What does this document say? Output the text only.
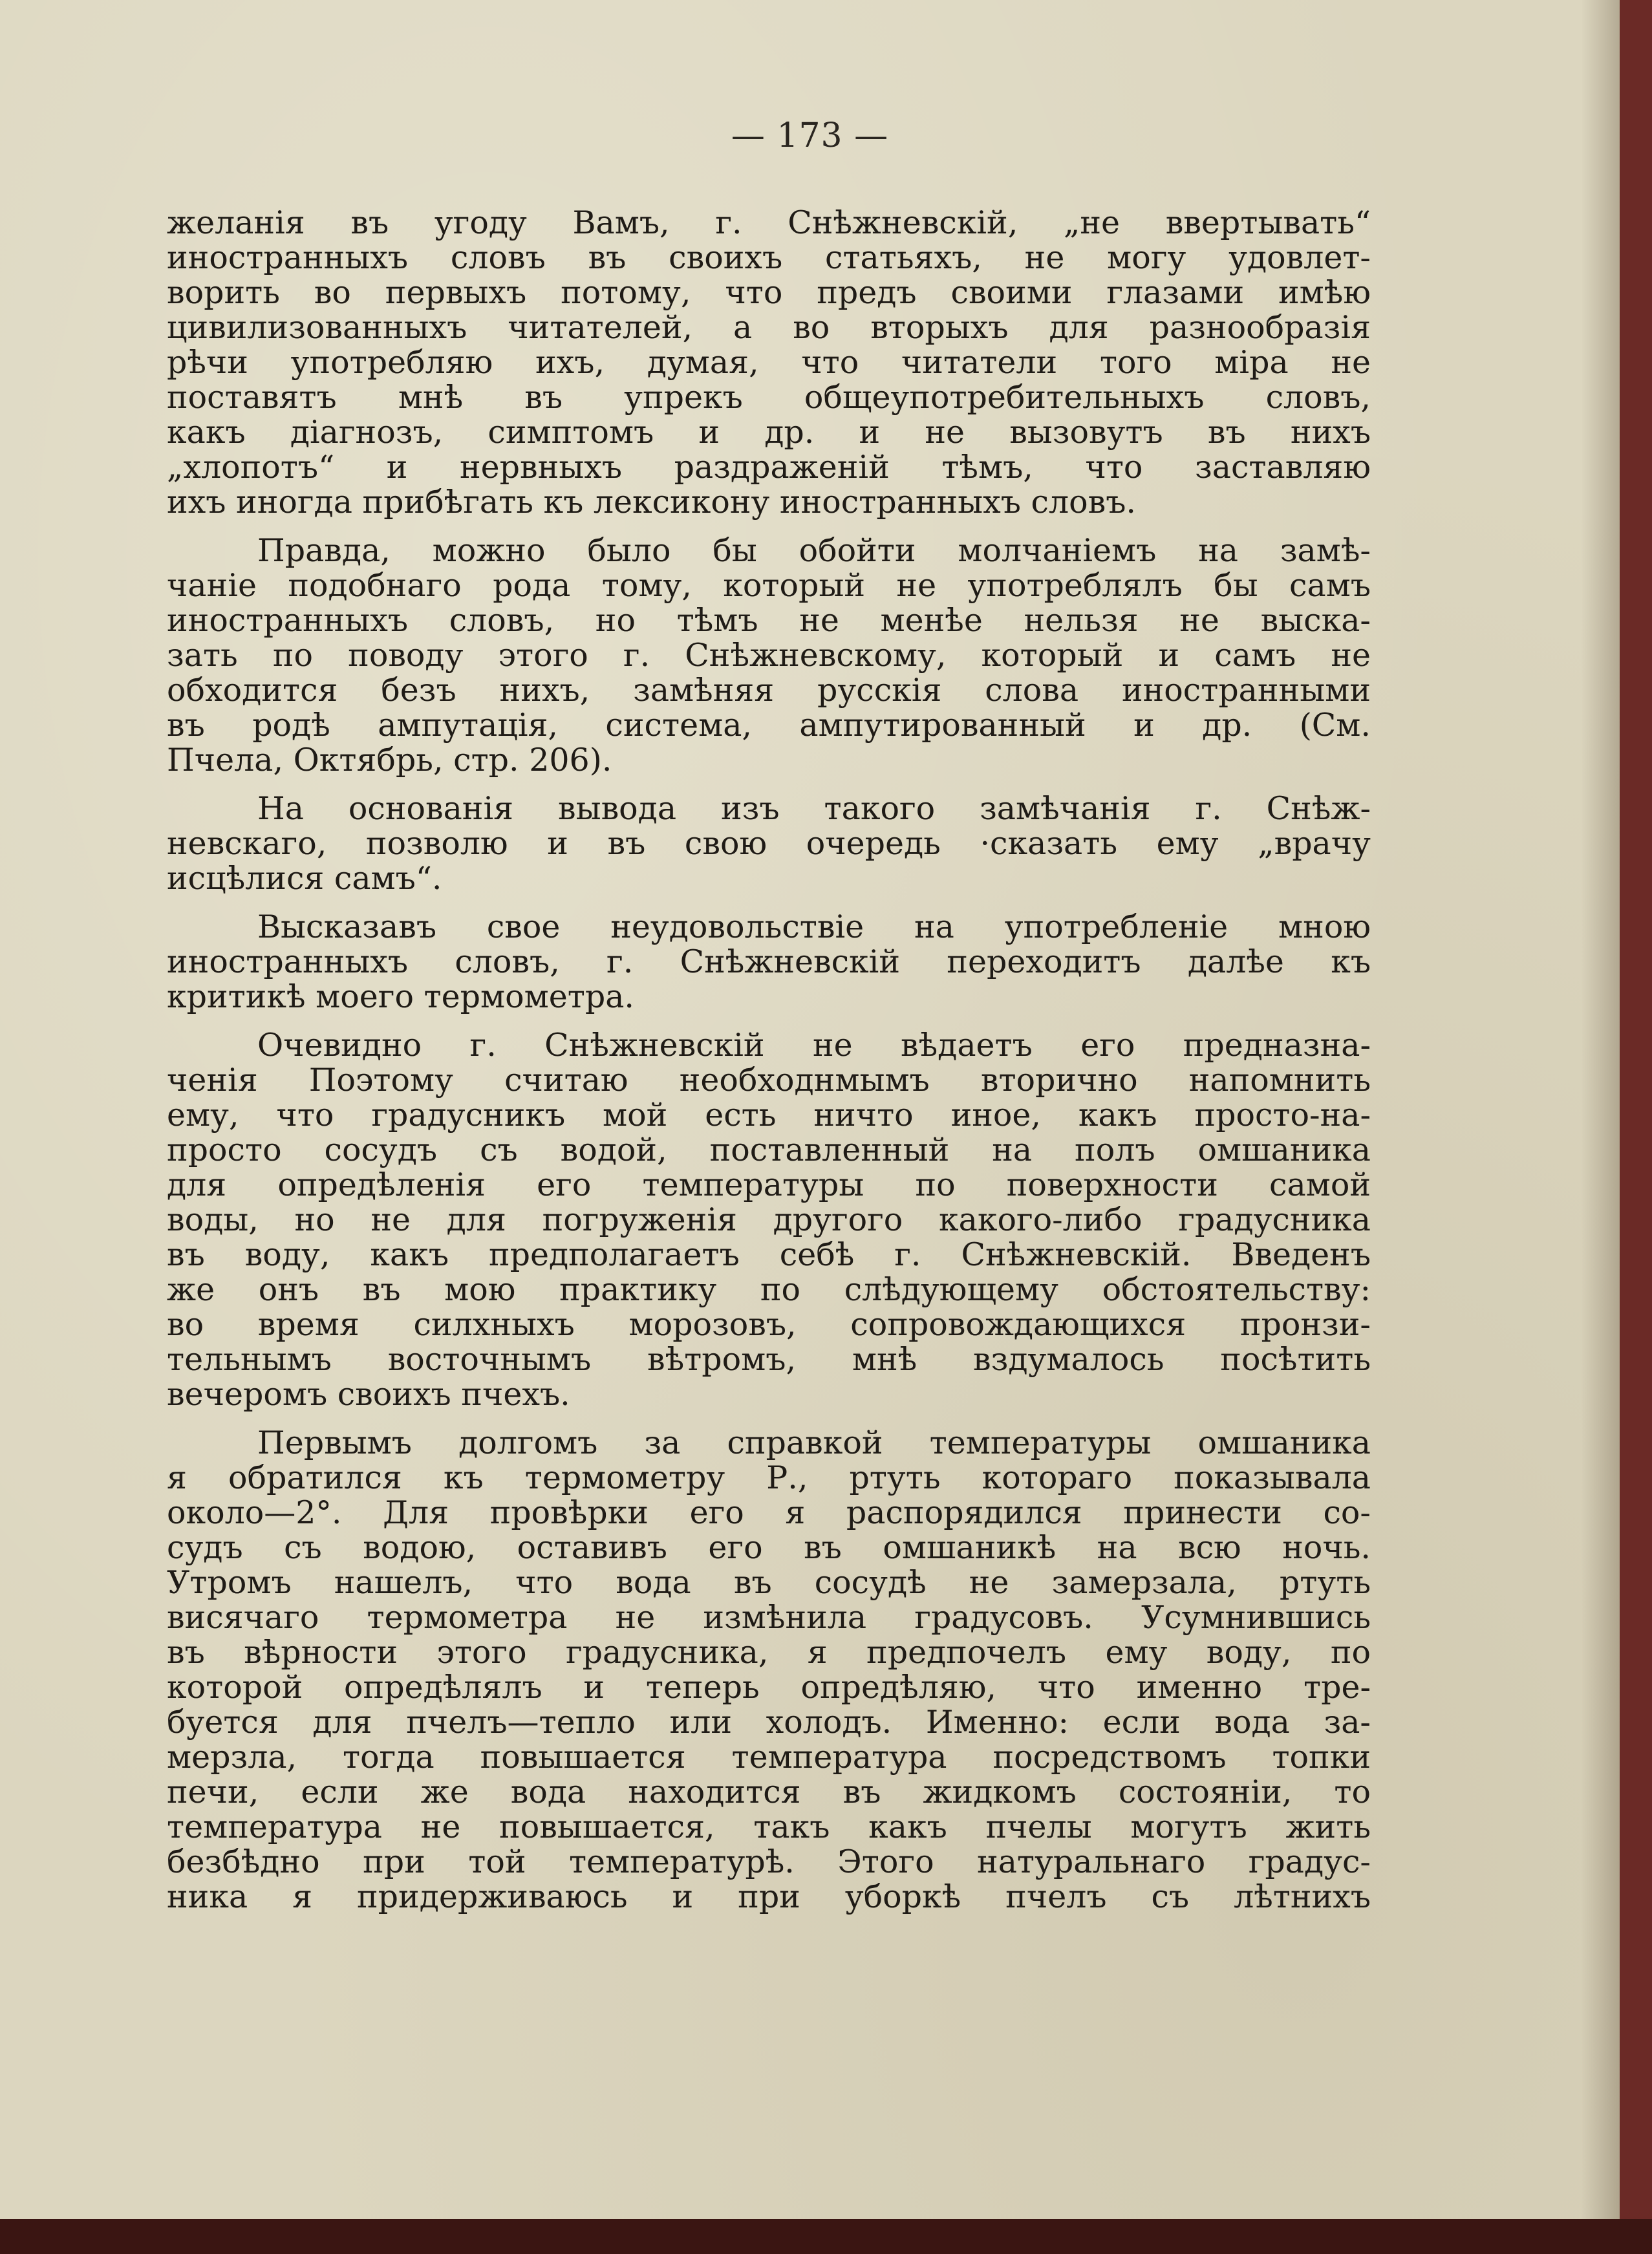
— 173 —

желанія въ угоду Вамъ, г. Снѣжневскій, „не ввертывать“
иностранныхъ словъ въ своихъ статьяхъ, не могу удовлет-
ворить во первыхъ потому, что предъ своими глазами имѣю
цивилизованныхъ читателей, а во вторыхъ для разнообразія
рѣчи употребляю ихъ, думая, что читатели того міра не
поставятъ мнѣ въ упрекъ общеупотребительныхъ словъ,
какъ діагнозъ, симптомъ и др. и не вызовутъ въ нихъ
„хлопотъ“ и нервныхъ раздраженій тѣмъ, что заставляю
ихъ иногда прибѣгать къ лексикону иностранныхъ словъ.

Правда, можно было бы обойти молчаніемъ на замѣ-
чаніе подобнаго рода тому, который не употреблялъ бы самъ
иностранныхъ словъ, но тѣмъ не менѣе нельзя не выска-
зать по поводу этого г. Снѣжневскому, который и самъ не
обходится безъ нихъ, замѣняя русскія слова иностранными
въ родѣ ампутація, система, ампутированный и др. (См.
Пчела, Октябрь, стр. 206).

На основанія вывода изъ такого замѣчанія г. Снѣж-
невскаго, позволю и въ свою очередь ·сказать ему „врачу
исцѣлися самъ“.

Высказавъ свое неудовольствіе на употребленіе мною
иностранныхъ словъ, г. Снѣжневскій переходитъ далѣе къ
критикѣ моего термометра.

Очевидно г. Снѣжневскій не вѣдаетъ его предназна-
ченія Поэтому считаю необходнмымъ вторично напомнить
ему, что градусникъ мой есть ничто иное, какъ просто-на-
просто сосудъ съ водой, поставленный на полъ омшаника
для опредѣленія его температуры по поверхности самой
воды, но не для погруженія другого какого-либо градусника
въ воду, какъ предполагаетъ себѣ г. Снѣжневскій. Введенъ
же онъ въ мою практику по слѣдующему обстоятельству:
во время силхныхъ морозовъ, сопровождающихся пронзи-
тельнымъ восточнымъ вѣтромъ, мнѣ вздумалось посѣтить
вечеромъ своихъ пчехъ.

Первымъ долгомъ за справкой температуры омшаника
я обратился къ термометру Р., ртуть котораго показывала
около—2°. Для провѣрки его я распорядился принести со-
судъ съ водою, оставивъ его въ омшаникѣ на всю ночь.
Утромъ нашелъ, что вода въ сосудѣ не замерзала, ртуть
висячаго термометра не измѣнила градусовъ. Усумнившись
въ вѣрности этого градусника, я предпочелъ ему воду, по
которой опредѣлялъ и теперь опредѣляю, что именно тре-
буется для пчелъ—тепло или холодъ. Именно: если вода за-
мерзла, тогда повышается температура посредствомъ топки
печи, если же вода находится въ жидкомъ состояніи, то
температура не повышается, такъ какъ пчелы могутъ жить
безбѣдно при той температурѣ. Этого натуральнаго градус-
ника я придерживаюсь и при уборкѣ пчелъ съ лѣтнихъ
